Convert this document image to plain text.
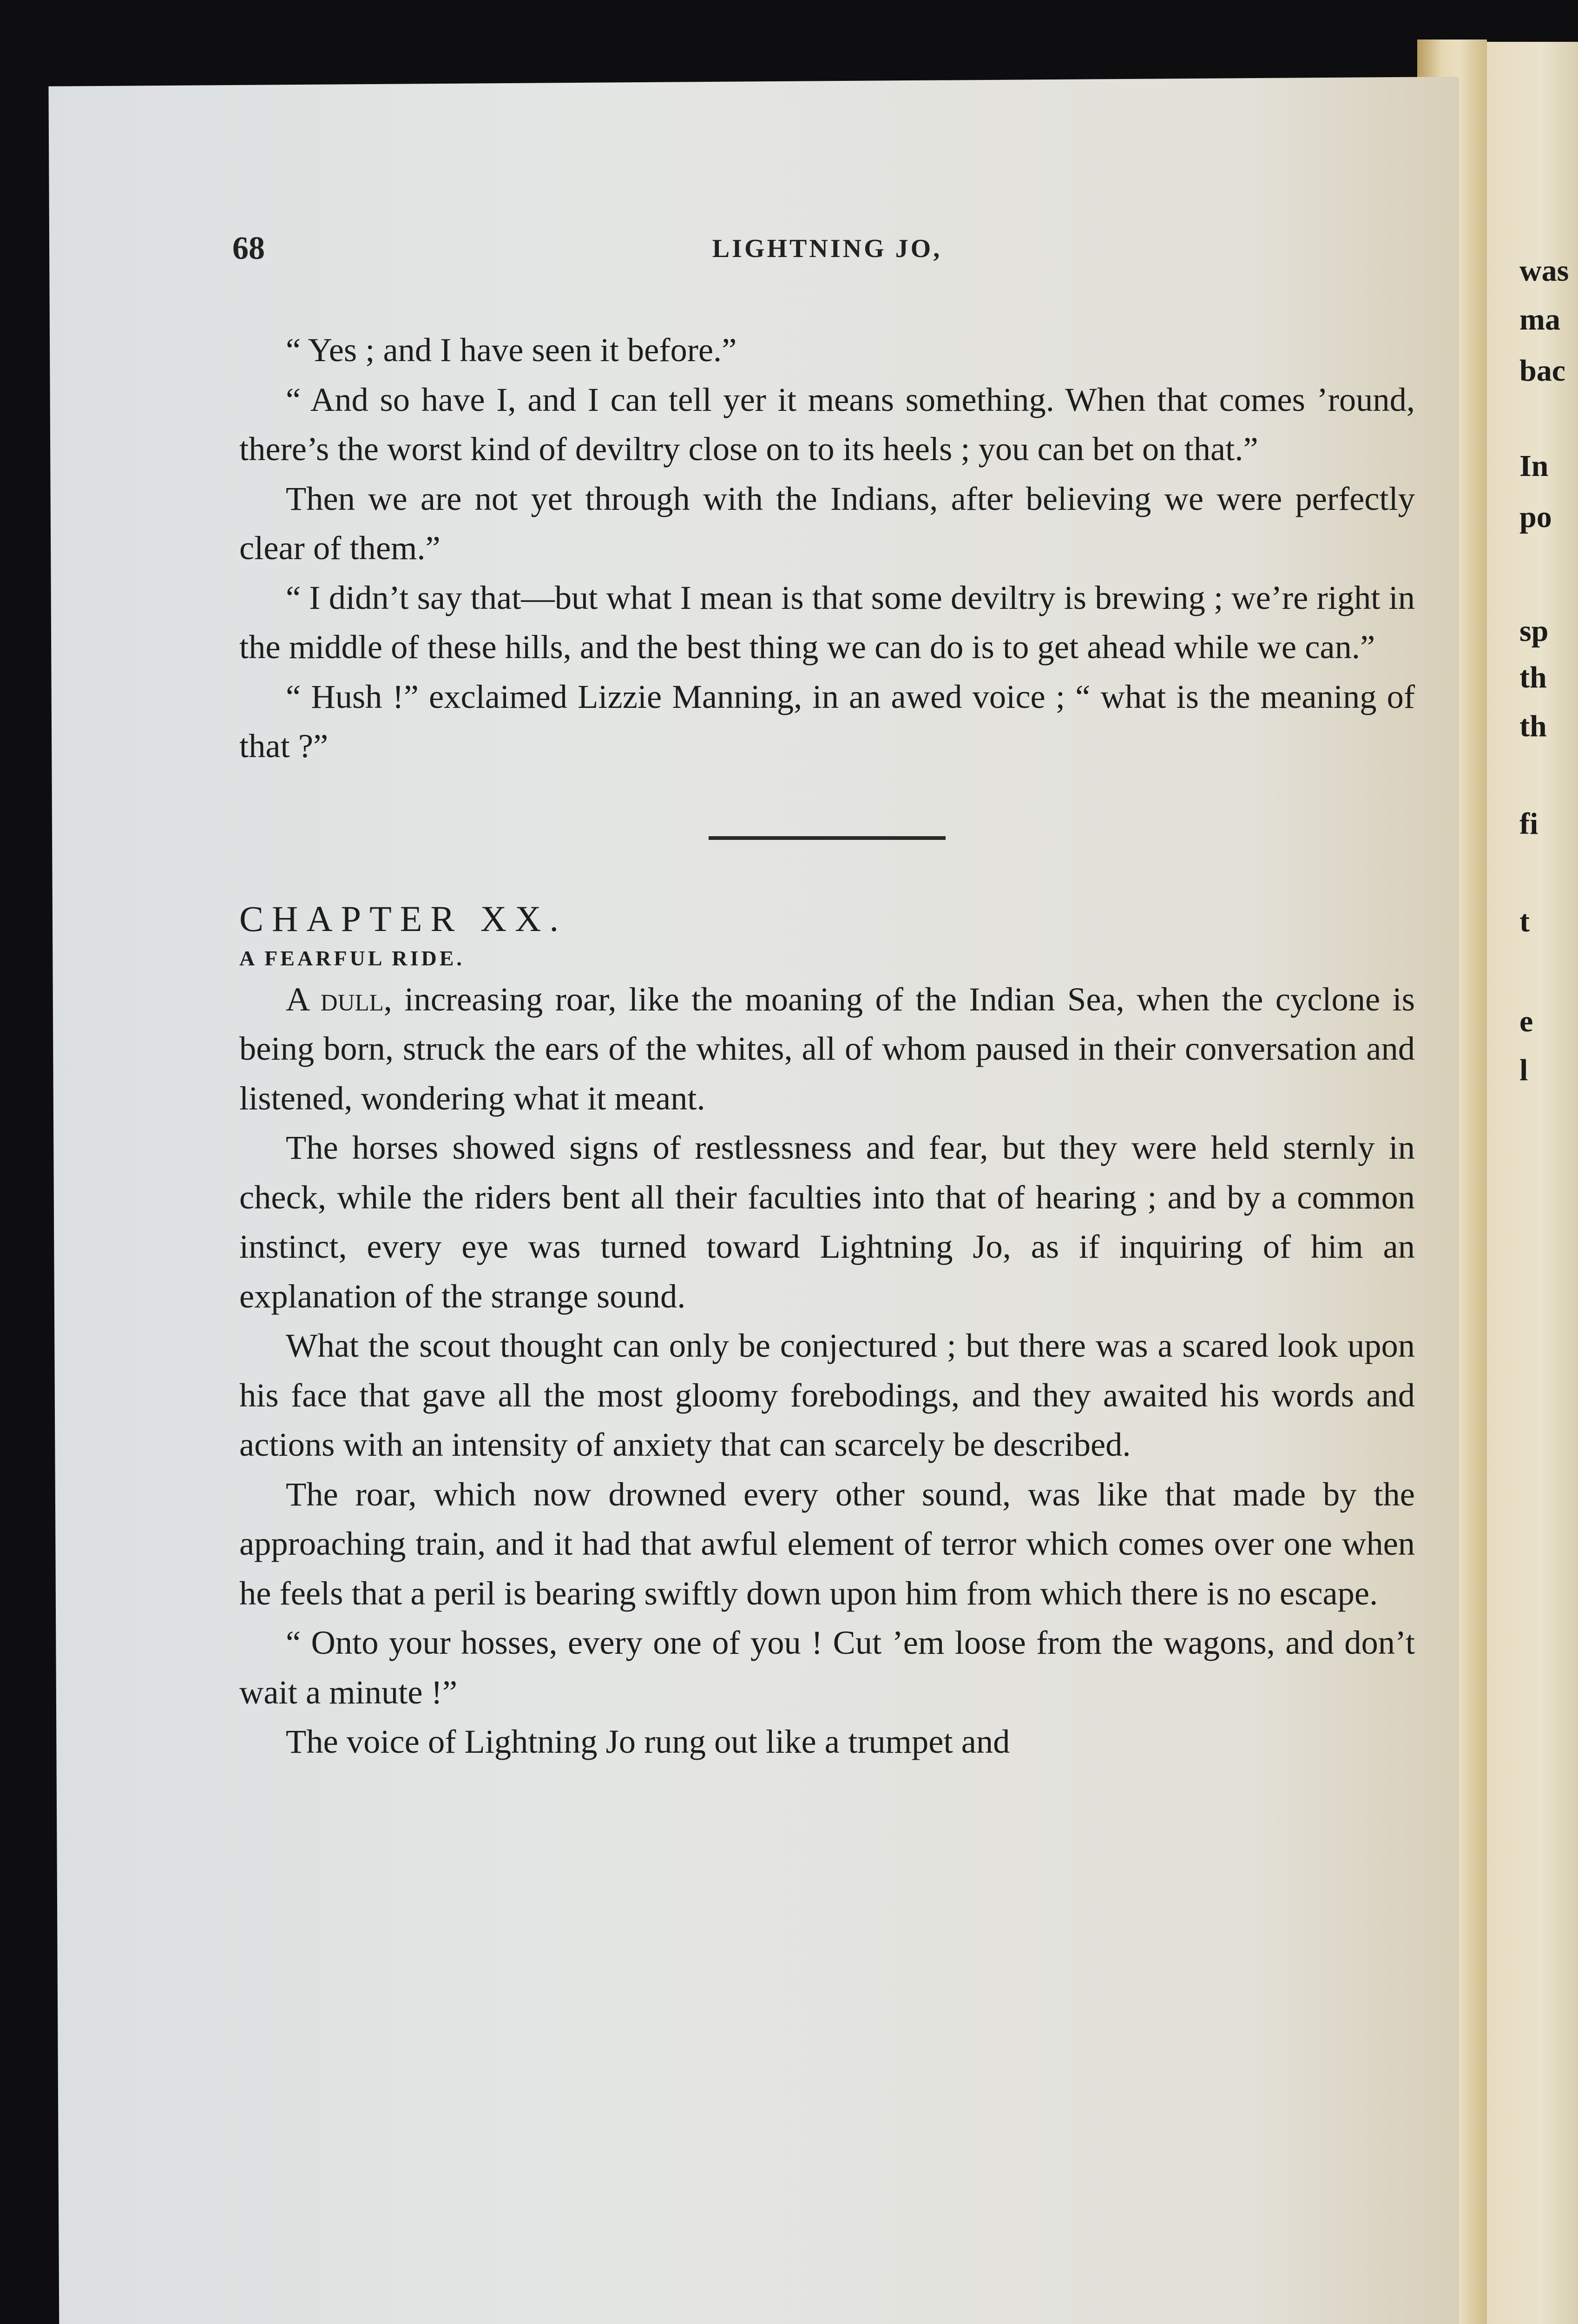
was
ma
bac
In
po
sp
th
th
fi
t
e
l
68	LIGHTNING JO,

“ Yes ; and I have seen it before.”

“ And so have I, and I can tell yer it means something. When that comes ’round, there’s the worst kind of deviltry close on to its heels ; you can bet on that.”

Then we are not yet through with the Indians, after believing we were perfectly clear of them.”

“ I didn’t say that—but what I mean is that some deviltry is brewing ; we’re right in the middle of these hills, and the best thing we can do is to get ahead while we can.”

“ Hush !” exclaimed Lizzie Manning, in an awed voice ; “ what is the meaning of that ?”

CHAPTER XX.

A FEARFUL RIDE.

A dull, increasing roar, like the moaning of the Indian Sea, when the cyclone is being born, struck the ears of the whites, all of whom paused in their conversation and listened, wondering what it meant.

The horses showed signs of restlessness and fear, but they were held sternly in check, while the riders bent all their faculties into that of hearing ; and by a common instinct, every eye was turned toward Lightning Jo, as if inquiring of him an explanation of the strange sound.

What the scout thought can only be conjectured ; but there was a scared look upon his face that gave all the most gloomy forebodings, and they awaited his words and actions with an intensity of anxiety that can scarcely be described.

The roar, which now drowned every other sound, was like that made by the approaching train, and it had that awful element of terror which comes over one when he feels that a peril is bearing swiftly down upon him from which there is no escape.

“ Onto your hosses, every one of you ! Cut ’em loose from the wagons, and don’t wait a minute !”

The voice of Lightning Jo rung out like a trumpet and
